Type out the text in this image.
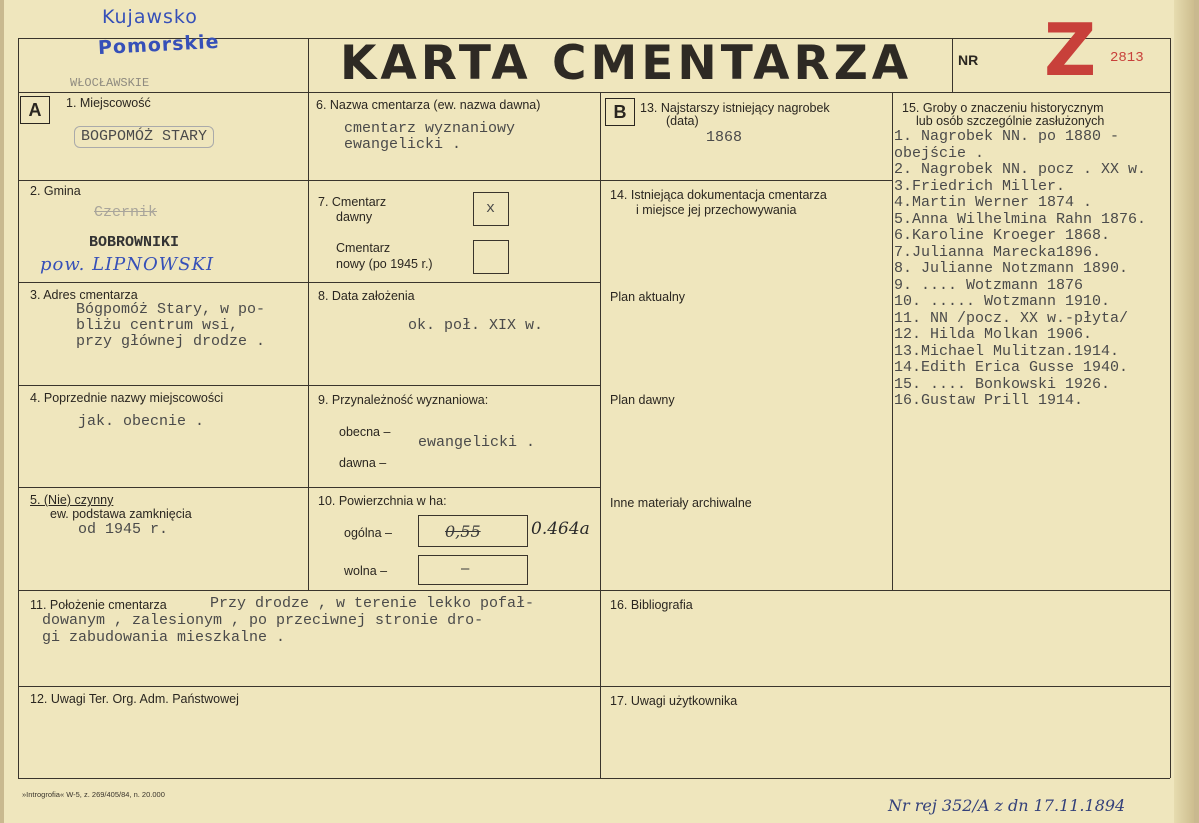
Kujawsko
Pomorskie
WŁOCŁAWSKIE	KARTA CMENTARZA	NR Z 2813
A	B
1. Miejscowość
BOGPOMÓŻ STARY
2. Gmina
Czernik
BOBROWNIKI
pow. LIPNOWSKI
3. Adres cmentarza
Bógpomóż Stary, w po-
bliżu centrum wsi,
przy głównej drodze .
4. Poprzednie nazwy miejscowości
jak. obecnie .
5. (Nie) czynny
ew. podstawa zamknięcia
od 1945 r.
6. Nazwa cmentarza (ew. nazwa dawna)
cmentarz wyznaniowy
ewangelicki .
7. Cmentarz
dawny	x
Cmentarz
nowy (po 1945 r.)
8. Data założenia
ok. poł. XIX w.
9. Przynależność wyznaniowa:
obecna –
ewangelicki .
dawna –
10. Powierzchnia w ha:
ogólna –	0,55	0.464a
wolna –	–
11. Położenie cmentarza	Przy drodze , w terenie lekko pofał-
dowanym , zalesionym , po przeciwnej stronie dro-
gi zabudowania mieszkalne .
12. Uwagi Ter. Org. Adm. Państwowej
13. Najstarszy istniejący nagrobek
(data)
1868
14. Istniejąca dokumentacja cmentarza
i miejsce jej przechowywania
Plan aktualny
Plan dawny
Inne materiały archiwalne
15. Groby o znaczeniu historycznym
lub osób szczególnie zasłużonych
1. Nagrobek NN. po 1880 -
obejście .
2. Nagrobek NN. pocz . XX w.
3.Friedrich Miller.
4.Martin Werner 1874 .
5.Anna Wilhelmina Rahn 1876.
6.Karoline Kroeger 1868.
7.Julianna Marecka1896.
8. Julianne Notzmann 1890.
9. .... Wotzmann 1876
10. ..... Wotzmann 1910.
11. NN /pocz. XX w.-płyta/
12. Hilda Molkan 1906.
13.Michael Mulitzan.1914.
14.Edith Erica Gusse 1940.
15. .... Bonkowski 1926.
16.Gustaw Prill 1914.
16. Bibliografia
17. Uwagi użytkownika
»Introgrofia« W-5, z. 269/405/84, n. 20.000
Nr rej 352/A z dn 17.11.1894
